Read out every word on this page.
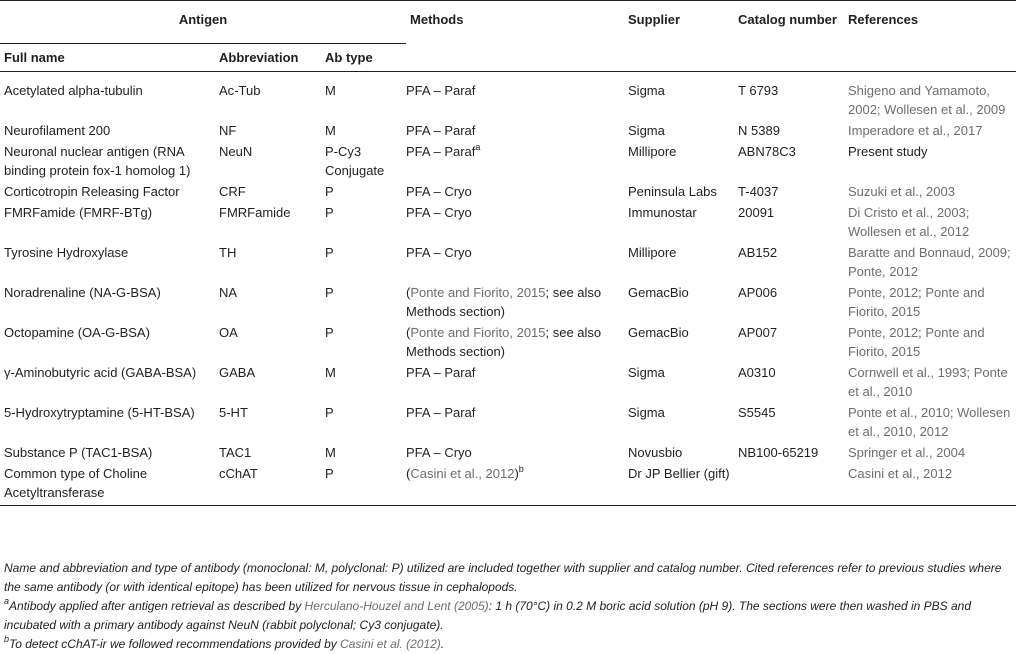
Antigen			Methods	Supplier	Catalog number	References
Full name	Abbreviation	Ab type				
Acetylated alpha-tubulin	Ac-Tub	M	PFA – Paraf	Sigma	T 6793	Shigeno and Yamamoto, 2002; Wollesen et al., 2009
Neurofilament 200	NF	M	PFA – Paraf	Sigma	N 5389	Imperadore et al., 2017
Neuronal nuclear antigen (RNA binding protein fox-1 homolog 1)	NeuN	P-Cy3 Conjugate	PFA – Paraf$^a$	Millipore	ABN78C3	Present study
Corticotropin Releasing Factor	CRF	P	PFA – Cryo	Peninsula Labs	T-4037	Suzuki et al., 2003
FMRFamide (FMRF-BTg)	FMRFamide	P	PFA – Cryo	Immunostar	20091	Di Cristo et al., 2003; Wollesen et al., 2012
Tyrosine Hydroxylase	TH	P	PFA – Cryo	Millipore	AB152	Baratte and Bonnaud, 2009; Ponte, 2012
Noradrenaline (NA-G-BSA)	NA	P	(Ponte and Fiorito, 2015; see also Methods section)	GemacBio	AP006	Ponte, 2012; Ponte and Fiorito, 2015
Octopamine (OA-G-BSA)	OA	P	(Ponte and Fiorito, 2015; see also Methods section)	GemacBio	AP007	Ponte, 2012; Ponte and Fiorito, 2015
γ-Aminobutyric acid (GABA-BSA)	GABA	M	PFA – Paraf	Sigma	A0310	Cornwell et al., 1993; Ponte et al., 2010
5-Hydroxytryptamine (5-HT-BSA)	5-HT	P	PFA – Paraf	Sigma	S5545	Ponte et al., 2010; Wollesen et al., 2010, 2012
Substance P (TAC1-BSA)	TAC1	M	PFA – Cryo	Novusbio	NB100-65219	Springer et al., 2004
Common type of Choline Acetyltransferase	cChAT	P	(Casini et al., 2012)$^b$	Dr JP Bellier (gift)		Casini et al., 2012

Name and abbreviation and type of antibody (monoclonal: M, polyclonal: P) utilized are included together with supplier and catalog number. Cited references refer to previous studies where the same antibody (or with identical epitope) has been utilized for nervous tissue in cephalopods.

$^a$Antibody applied after antigen retrieval as described by Herculano-Houzel and Lent (2005): 1 h (70°C) in 0.2 M boric acid solution (pH 9). The sections were then washed in PBS and incubated with a primary antibody against NeuN (rabbit polyclonal; Cy3 conjugate).

$^b$To detect cChAT-ir we followed recommendations provided by Casini et al. (2012).
